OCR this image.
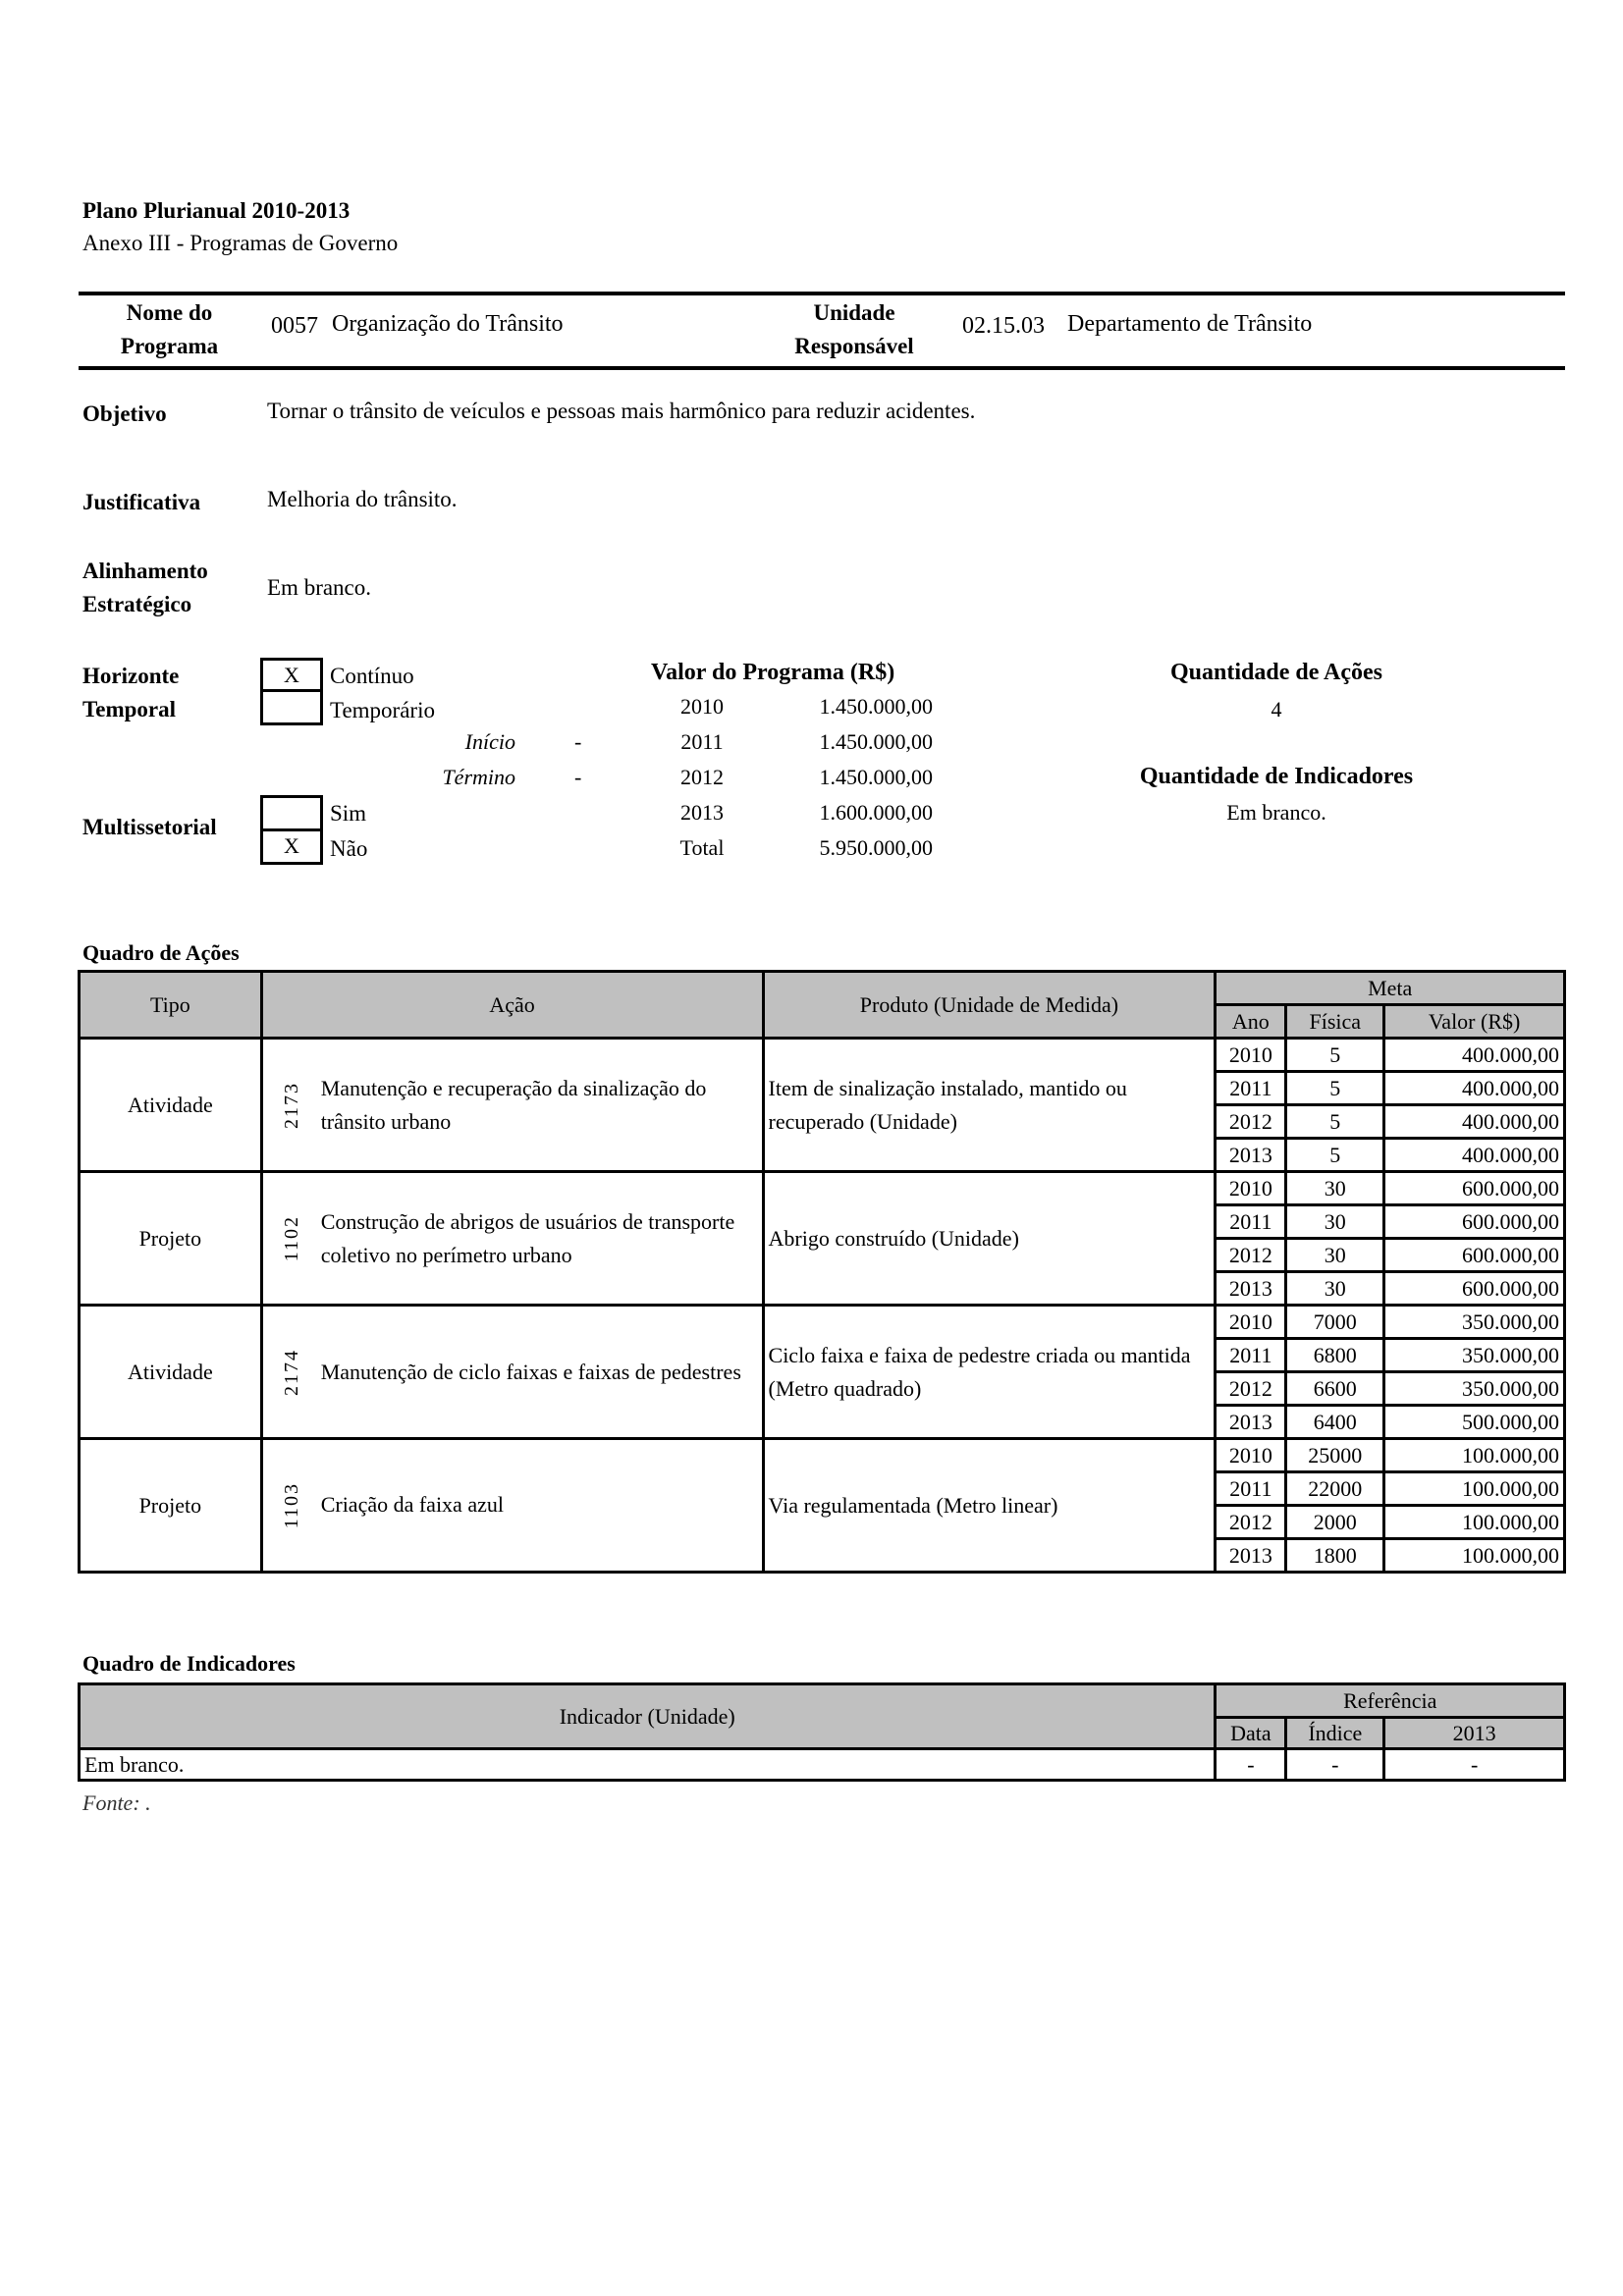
Plano Plurianual 2010-2013
Anexo III - Programas de Governo
Nome do
Programa
0057 Organização do Trânsito	Unidade
Responsável
02.15.03 Departamento de Trânsito
Objetivo	Tornar o trânsito de veículos e pessoas mais harmônico para reduzir acidentes.
Justificativa	Melhoria do trânsito.
Alinhamento
Estratégico
Em branco.
Horizonte
Temporal
X	Contínuo
Temporário
Início	-
Término	-
Multissetorial
Sim
X	Não
Valor do Programa (R$)
2010	1.450.000,00
2011	1.450.000,00
2012	1.450.000,00
2013	1.600.000,00
Total	5.950.000,00
Quantidade de Ações
4
Quantidade de Indicadores
Em branco.
Quadro de Ações
Tipo	Ação	Produto (Unidade de Medida)	Meta		
			Ano	Física	Valor (R$)
Atividade	2173 Manutenção e recuperação da sinalização do trânsito urbano	Item de sinalização instalado, mantido ou recuperado (Unidade)	2010	5	400.000,00
			2011	5	400.000,00
			2012	5	400.000,00
			2013	5	400.000,00
Projeto	1102 Construção de abrigos de usuários de transporte coletivo no perímetro urbano	Abrigo construído (Unidade)	2010	30	600.000,00
			2011	30	600.000,00
			2012	30	600.000,00
			2013	30	600.000,00
Atividade	2174 Manutenção de ciclo faixas e faixas de pedestres	Ciclo faixa e faixa de pedestre criada ou mantida (Metro quadrado)	2010	7000	350.000,00
			2011	6800	350.000,00
			2012	6600	350.000,00
			2013	6400	500.000,00
Projeto	1103 Criação da faixa azul	Via regulamentada (Metro linear)	2010	25000	100.000,00
			2011	22000	100.000,00
			2012	2000	100.000,00
			2013	1800	100.000,00
Quadro de Indicadores
Indicador (Unidade)	Referência		
	Data	Índice	2013
Em branco.	-	-	-
Fonte: .
